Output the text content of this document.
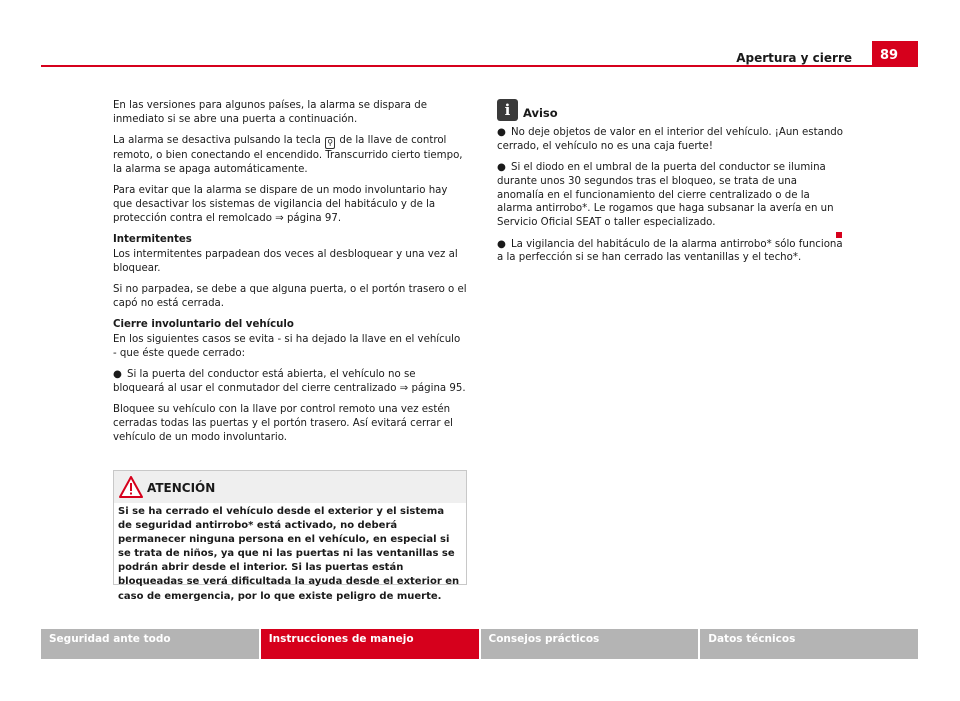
89
Apertura y cierre

En las versiones para algunos países, la alarma se dispara de inmediato si se abre una puerta a continuación.

La alarma se desactiva pulsando la tecla ⚲ de la llave de control remoto, o bien conectando el encendido. Transcurrido cierto tiempo, la alarma se apaga automáticamente.

Para evitar que la alarma se dispare de un modo involuntario hay que desactivar los sistemas de vigilancia del habitáculo y de la protección contra el remolcado ⇒ página 97.

Intermitentes

Los intermitentes parpadean dos veces al desbloquear y una vez al bloquear.

Si no parpadea, se debe a que alguna puerta, o el portón trasero o el capó no está cerrada.

Cierre involuntario del vehículo

En los siguientes casos se evita - si ha dejado la llave en el vehículo - que éste quede cerrado:

● Si la puerta del conductor está abierta, el vehículo no se bloqueará al usar el conmutador del cierre centralizado ⇒ página 95.

Bloquee su vehículo con la llave por control remoto una vez estén cerradas todas las puertas y el portón trasero. Así evitará cerrar el vehículo de un modo involuntario.

ATENCIÓN
Si se ha cerrado el vehículo desde el exterior y el sistema de seguridad antirrobo* está activado, no deberá permanecer ninguna persona en el vehículo, en especial si se trata de niños, ya que ni las puertas ni las ventanillas se podrán abrir desde el interior. Si las puertas están bloqueadas se verá dificultada la ayuda desde el exterior en caso de emergencia, por lo que existe peligro de muerte.
i	Aviso

● No deje objetos de valor en el interior del vehículo. ¡Aun estando cerrado, el vehículo no es una caja fuerte!

● Si el diodo en el umbral de la puerta del conductor se ilumina durante unos 30 segundos tras el bloqueo, se trata de una anomalía en el funcionamiento del cierre centralizado o de la alarma antirrobo*. Le rogamos que haga subsanar la avería en un Servicio Oficial SEAT o taller especializado.

● La vigilancia del habitáculo de la alarma antirrobo* sólo funciona a la perfección si se han cerrado las ventanillas y el techo*.

Seguridad ante todo	Instrucciones de manejo	Consejos prácticos	Datos técnicos
